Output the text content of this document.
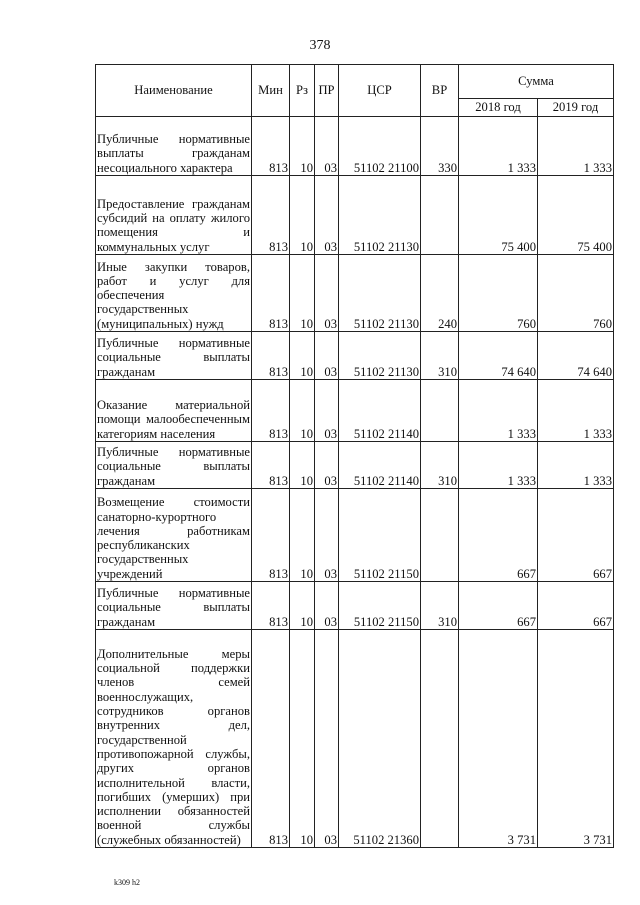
378
Наименование	Мин	Рз	ПР	ЦСР	ВР	Сумма	
						2018 год	2019 год
Публичные нормативные выплаты гражданам несоциального характера	813	10	03	51102 21100	330	1 333	1 333
Предоставление гражданам субсидий на оплату жилого помещения и коммунальных услуг	813	10	03	51102 21130		75 400	75 400
Иные закупки товаров, работ и услуг для обеспечения государственных (муниципальных) нужд	813	10	03	51102 21130	240	760	760
Публичные нормативные социальные выплаты гражданам	813	10	03	51102 21130	310	74 640	74 640
Оказание материальной помощи малообеспеченным категориям населения	813	10	03	51102 21140		1 333	1 333
Публичные нормативные социальные выплаты гражданам	813	10	03	51102 21140	310	1 333	1 333
Возмещение стоимости санаторно-курортного лечения работникам республиканских государственных учреждений	813	10	03	51102 21150		667	667
Публичные нормативные социальные выплаты гражданам	813	10	03	51102 21150	310	667	667
Дополнительные меры социальной поддержки членов семей военнослужащих, сотрудников органов внутренних дел, государственной противопожарной службы, других органов исполнительной власти, погибших (умерших) при исполнении обязанностей военной службы (служебных обязанностей)	813	10	03	51102 21360		3 731	3 731
k309 h2
